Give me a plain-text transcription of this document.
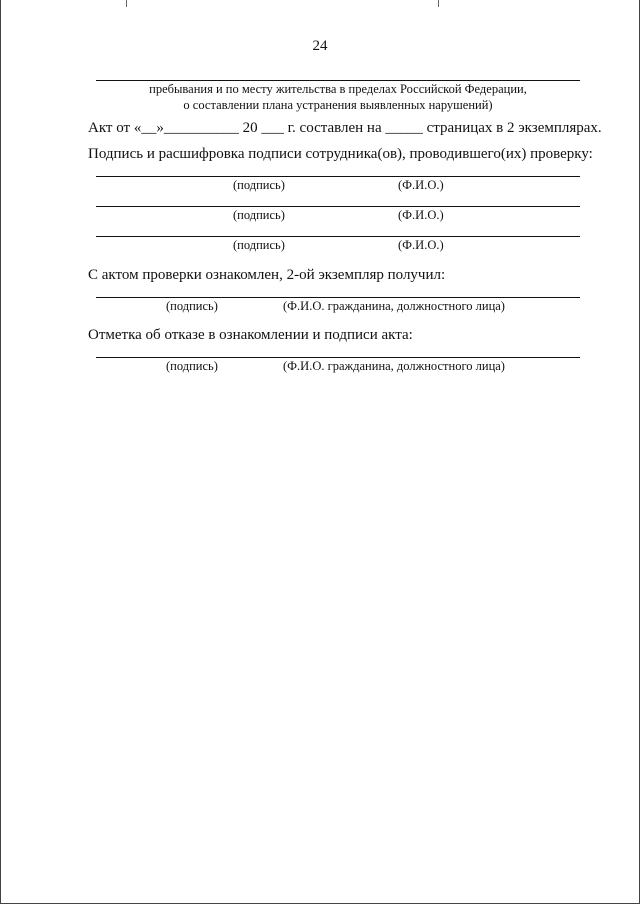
24
пребывания и по месту жительства в пределах Российской Федерации,
о составлении плана устранения выявленных нарушений)
Акт от «__»__________ 20 ___ г. составлен на _____ страницах в 2 экземплярах.
Подпись и расшифровка подписи сотрудника(ов), проводившего(их) проверку:
(подпись)	(Ф.И.О.)
(подпись)	(Ф.И.О.)
(подпись)	(Ф.И.О.)
С актом проверки ознакомлен, 2-ой экземпляр получил:
(подпись)	(Ф.И.О. гражданина, должностного лица)
Отметка об отказе в ознакомлении и подписи акта:
(подпись)	(Ф.И.О. гражданина, должностного лица)
